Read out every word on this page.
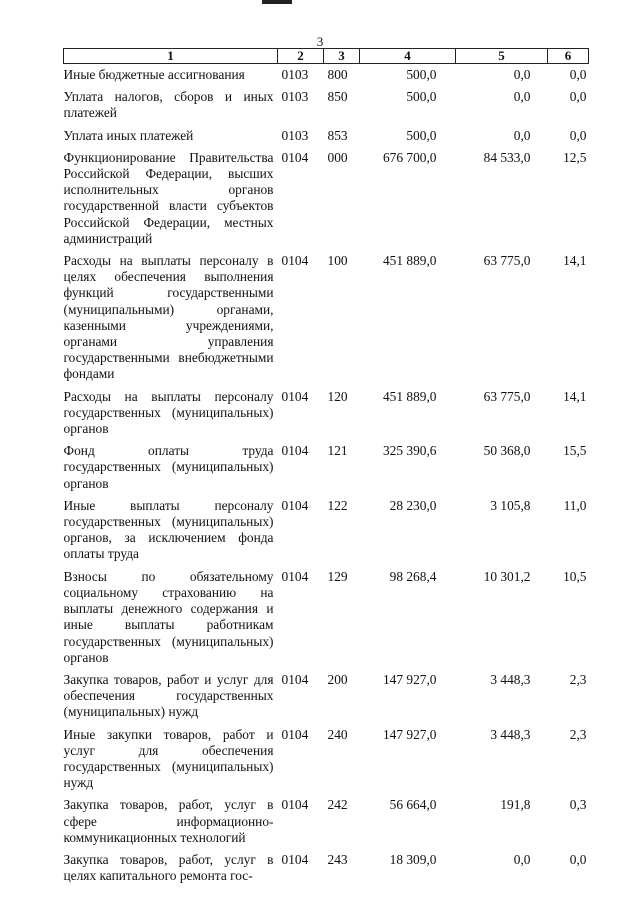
3
1	2	3	4	5	6

Иные бюджетные ассигнования	0103	800	500,0	0,0	0,0

Уплата налогов, сборов и иных платежей	0103	850	500,0	0,0	0,0

Уплата иных платежей	0103	853	500,0	0,0	0,0

Функционирование Правительства Российской Федерации, высших исполнительных органов государственной власти субъектов Российской Федерации, местных администраций	0104	000	676 700,0	84 533,0	12,5

Расходы на выплаты персоналу в целях обеспечения выполнения функций государственными (муниципальными) органами, казенными учреждениями, органами управления государственными внебюджетными фондами	0104	100	451 889,0	63 775,0	14,1

Расходы на выплаты персоналу государственных (муниципальных) органов	0104	120	451 889,0	63 775,0	14,1

Фонд оплаты труда государственных (муниципальных) органов	0104	121	325 390,6	50 368,0	15,5

Иные выплаты персоналу государственных (муниципальных) органов, за исключением фонда оплаты труда	0104	122	28 230,0	3 105,8	11,0

Взносы по обязательному социальному страхованию на выплаты денежного содержания и иные выплаты работникам государственных (муниципальных) органов	0104	129	98 268,4	10 301,2	10,5

Закупка товаров, работ и услуг для обеспечения государственных (муниципальных) нужд	0104	200	147 927,0	3 448,3	2,3

Иные закупки товаров, работ и услуг для обеспечения государственных (муниципальных) нужд	0104	240	147 927,0	3 448,3	2,3

Закупка товаров, работ, услуг в сфере информационно-коммуникационных технологий	0104	242	56 664,0	191,8	0,3

Закупка товаров, работ, услуг в целях капитального ремонта гос-	0104	243	18 309,0	0,0	0,0
